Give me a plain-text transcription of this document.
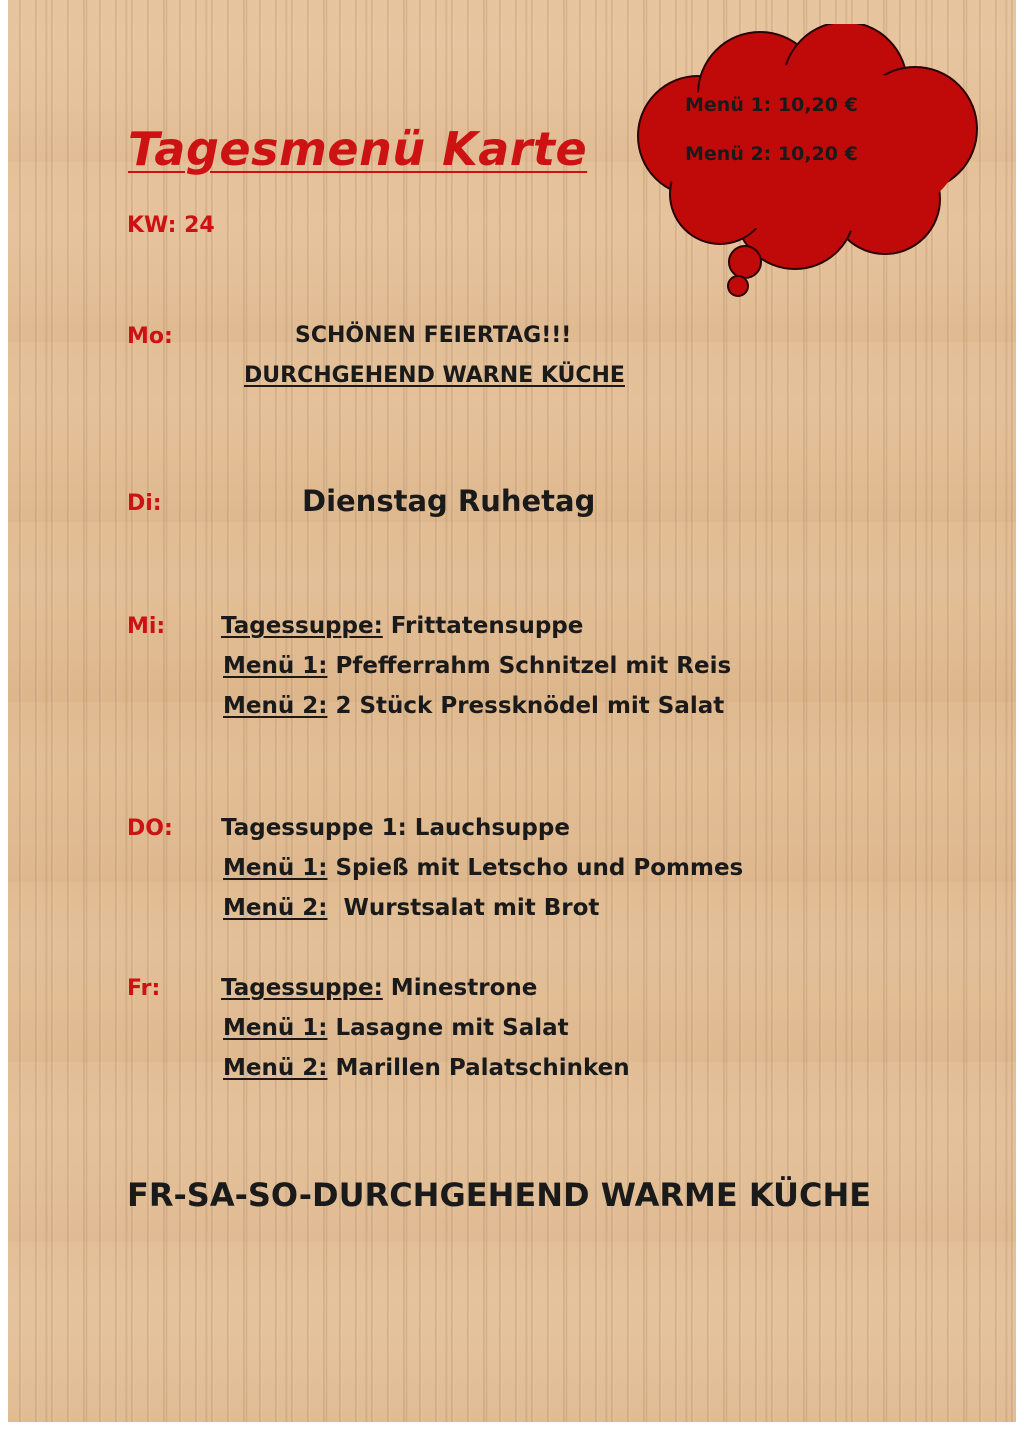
Tagesmenü Karte
KW: 24
Menü 1: 10,20 €
Menü 2: 10,20 €
Mo:	SCHÖNEN FEIERTAG!!!
DURCHGEHEND WARNE KÜCHE
Di:	Dienstag Ruhetag
Mi: Tagessuppe: Frittatensuppe
Menü 1: Pfefferrahm Schnitzel mit Reis
Menü 2: 2 Stück Pressknödel mit Salat
DO: Tagessuppe 1: Lauchsuppe
Menü 1: Spieß mit Letscho und Pommes
Menü 2:  Wurstsalat mit Brot
Fr:	Tagessuppe: Minestrone
Menü 1: Lasagne mit Salat
Menü 2: Marillen Palatschinken
FR-SA-SO-DURCHGEHEND WARME KÜCHE
